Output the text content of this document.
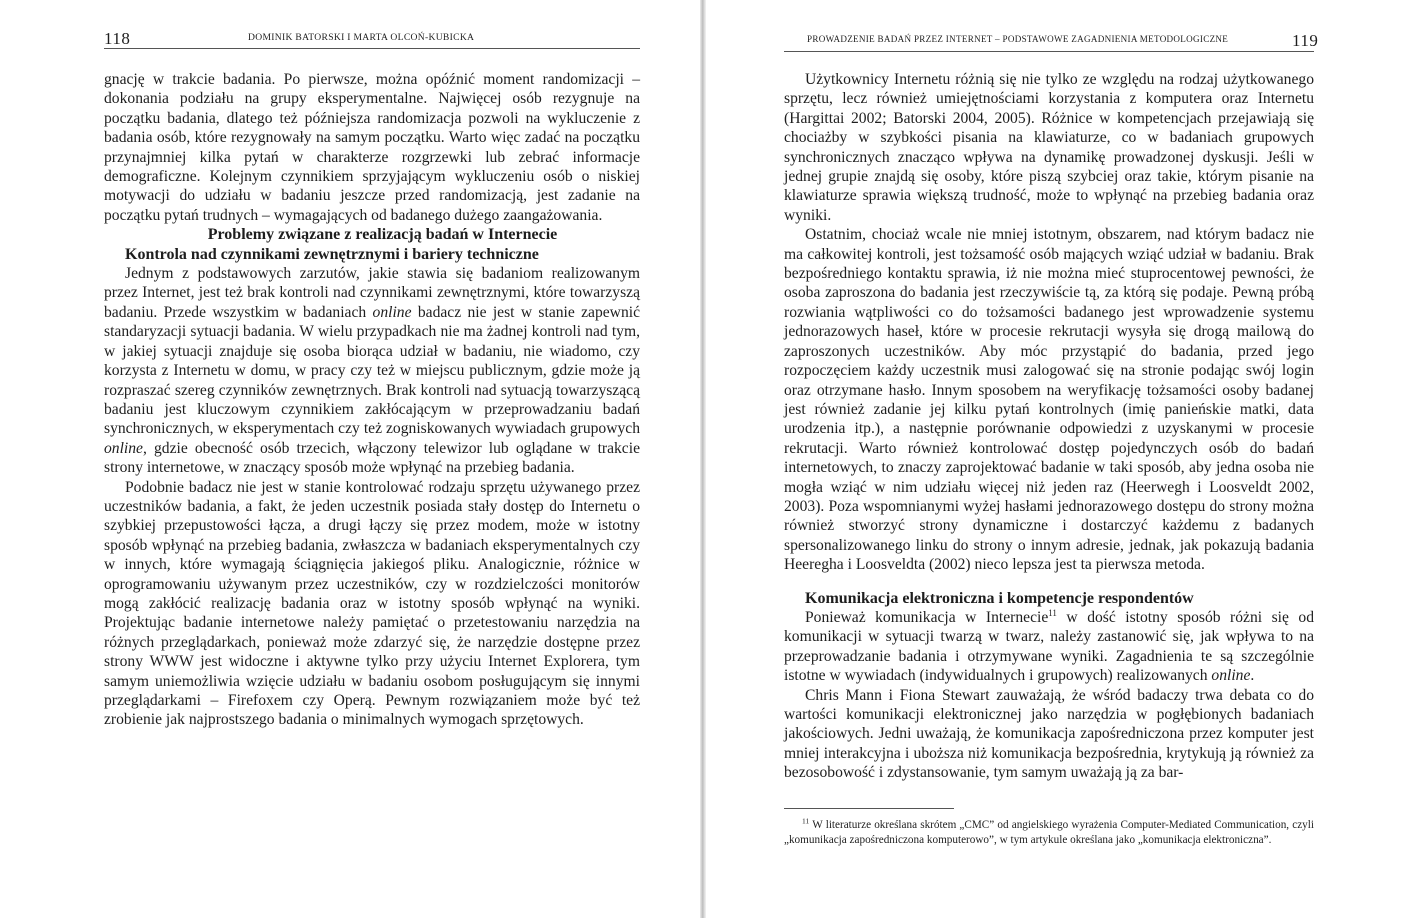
118	DOMINIK BATORSKI I MARTA OLCOŃ-KUBICKA

gnację w trakcie badania. Po pierwsze, można opóźnić moment randomizacji – dokonania podziału na grupy eksperymentalne. Najwięcej osób rezygnuje na początku badania, dlatego też późniejsza randomizacja pozwoli na wykluczenie z badania osób, które rezygnowały na samym początku. Warto więc zadać na początku przynajmniej kilka pytań w charakterze rozgrzewki lub zebrać informacje demograficzne. Kolejnym czynnikiem sprzyjającym wykluczeniu osób o niskiej motywacji do udziału w badaniu jeszcze przed randomizacją, jest zadanie na początku pytań trudnych – wymagających od badanego dużego zaangażowania.

Problemy związane z realizacją badań w Internecie

Kontrola nad czynnikami zewnętrznymi i bariery techniczne

Jednym z podstawowych zarzutów, jakie stawia się badaniom realizowanym przez Internet, jest też brak kontroli nad czynnikami zewnętrznymi, które towarzyszą badaniu. Przede wszystkim w badaniach online badacz nie jest w stanie zapewnić standaryzacji sytuacji badania. W wielu przypadkach nie ma żadnej kontroli nad tym, w jakiej sytuacji znajduje się osoba biorąca udział w badaniu, nie wiadomo, czy korzysta z Internetu w domu, w pracy czy też w miejscu publicznym, gdzie może ją rozpraszać szereg czynników zewnętrznych. Brak kontroli nad sytuacją towarzyszącą badaniu jest kluczowym czynnikiem zakłócającym w przeprowadzaniu badań synchronicznych, w eksperymentach czy też zogniskowanych wywiadach grupowych online, gdzie obecność osób trzecich, włączony telewizor lub oglądane w trakcie strony internetowe, w znaczący sposób może wpłynąć na przebieg badania.

Podobnie badacz nie jest w stanie kontrolować rodzaju sprzętu używanego przez uczestników badania, a fakt, że jeden uczestnik posiada stały dostęp do Internetu o szybkiej przepustowości łącza, a drugi łączy się przez modem, może w istotny sposób wpłynąć na przebieg badania, zwłaszcza w badaniach eksperymentalnych czy w innych, które wymagają ściągnięcia jakiegoś pliku. Analogicznie, różnice w oprogramowaniu używanym przez uczestników, czy w rozdzielczości monitorów mogą zakłócić realizację badania oraz w istotny sposób wpłynąć na wyniki. Projektując badanie internetowe należy pamiętać o przetestowaniu narzędzia na różnych przeglądarkach, ponieważ może zdarzyć się, że narzędzie dostępne przez strony WWW jest widoczne i aktywne tylko przy użyciu Internet Explorera, tym samym uniemożliwia wzięcie udziału w badaniu osobom posługującym się innymi przeglądarkami – Firefoxem czy Operą. Pewnym rozwiązaniem może być też zrobienie jak najprostszego badania o minimalnych wymogach sprzętowych.

PROWADZENIE BADAŃ PRZEZ INTERNET – PODSTAWOWE ZAGADNIENIA METODOLOGICZNE	119

Użytkownicy Internetu różnią się nie tylko ze względu na rodzaj użytkowanego sprzętu, lecz również umiejętnościami korzystania z komputera oraz Internetu (Hargittai 2002; Batorski 2004, 2005). Różnice w kompetencjach przejawiają się chociażby w szybkości pisania na klawiaturze, co w badaniach grupowych synchronicznych znacząco wpływa na dynamikę prowadzonej dyskusji. Jeśli w jednej grupie znajdą się osoby, które piszą szybciej oraz takie, którym pisanie na klawiaturze sprawia większą trudność, może to wpłynąć na przebieg badania oraz wyniki.

Ostatnim, chociaż wcale nie mniej istotnym, obszarem, nad którym badacz nie ma całkowitej kontroli, jest tożsamość osób mających wziąć udział w badaniu. Brak bezpośredniego kontaktu sprawia, iż nie można mieć stuprocentowej pewności, że osoba zaproszona do badania jest rzeczywiście tą, za którą się podaje. Pewną próbą rozwiania wątpliwości co do tożsamości badanego jest wprowadzenie systemu jednorazowych haseł, które w procesie rekrutacji wysyła się drogą mailową do zaproszonych uczestników. Aby móc przystąpić do badania, przed jego rozpoczęciem każdy uczestnik musi zalogować się na stronie podając swój login oraz otrzymane hasło. Innym sposobem na weryfikację tożsamości osoby badanej jest również zadanie jej kilku pytań kontrolnych (imię panieńskie matki, data urodzenia itp.), a następnie porównanie odpowiedzi z uzyskanymi w procesie rekrutacji. Warto również kontrolować dostęp pojedynczych osób do badań internetowych, to znaczy zaprojektować badanie w taki sposób, aby jedna osoba nie mogła wziąć w nim udziału więcej niż jeden raz (Heerwegh i Loosveldt 2002, 2003). Poza wspomnianymi wyżej hasłami jednorazowego dostępu do strony można również stworzyć strony dynamiczne i dostarczyć każdemu z badanych spersonalizowanego linku do strony o innym adresie, jednak, jak pokazują badania Heeregha i Loosveldta (2002) nieco lepsza jest ta pierwsza metoda.

Komunikacja elektroniczna i kompetencje respondentów

Ponieważ komunikacja w Internecie$^{11}$ w dość istotny sposób różni się od komunikacji w sytuacji twarzą w twarz, należy zastanowić się, jak wpływa to na przeprowadzanie badania i otrzymywane wyniki. Zagadnienia te są szczególnie istotne w wywiadach (indywidualnych i grupowych) realizowanych online.

Chris Mann i Fiona Stewart zauważają, że wśród badaczy trwa debata co do wartości komunikacji elektronicznej jako narzędzia w pogłębionych badaniach jakościowych. Jedni uważają, że komunikacja zapośredniczona przez komputer jest mniej interakcyjna i uboższa niż komunikacja bezpośrednia, krytykują ją również za bezosobowość i zdystansowanie, tym samym uważają ją za bar-

$^{11}$ W literaturze określana skrótem „CMC” od angielskiego wyrażenia Computer-Mediated Communication, czyli „komunikacja zapośredniczona komputerowo”, w tym artykule określana jako „komunikacja elektroniczna”.
